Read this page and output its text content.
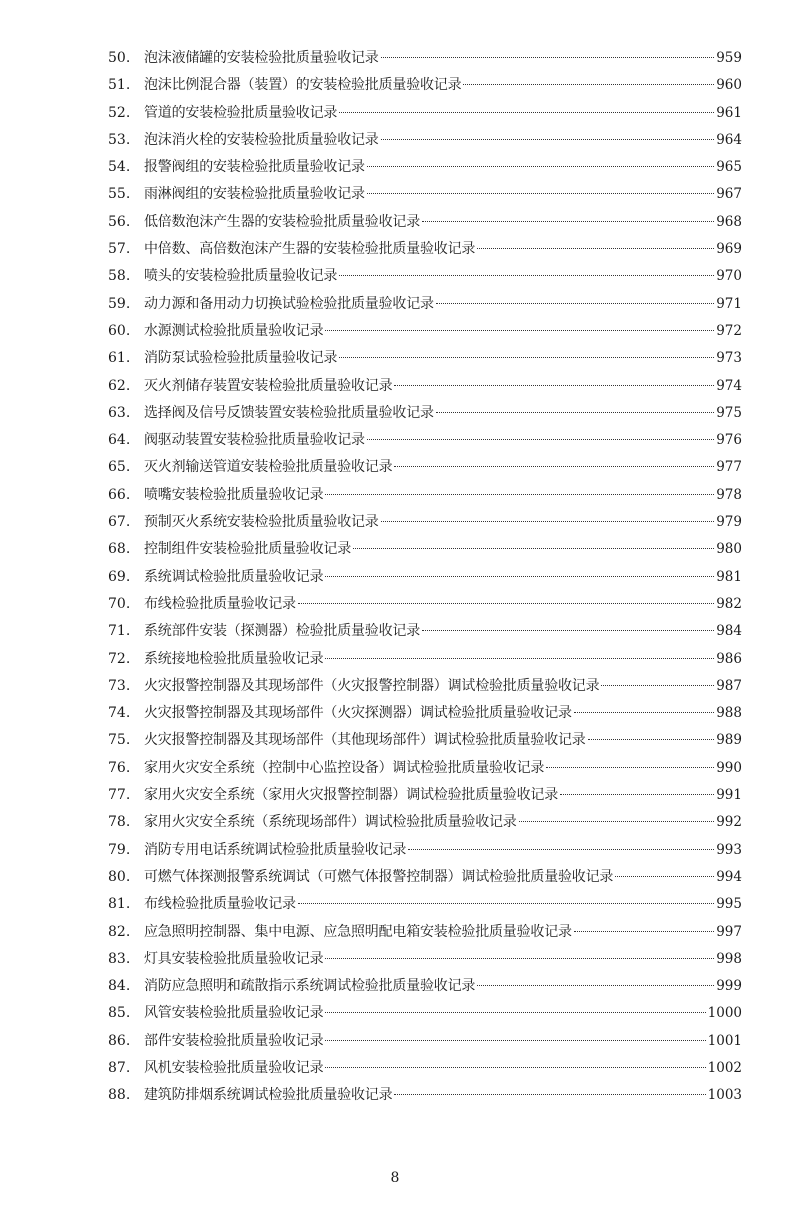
50. 泡沫液储罐的安装检验批质量验收记录	959
51. 泡沫比例混合器（装置）的安装检验批质量验收记录	960
52. 管道的安装检验批质量验收记录	961
53. 泡沫消火栓的安装检验批质量验收记录	964
54. 报警阀组的安装检验批质量验收记录	965
55. 雨淋阀组的安装检验批质量验收记录	967
56. 低倍数泡沫产生器的安装检验批质量验收记录	968
57. 中倍数、高倍数泡沫产生器的安装检验批质量验收记录	969
58. 喷头的安装检验批质量验收记录	970
59. 动力源和备用动力切换试验检验批质量验收记录	971
60. 水源测试检验批质量验收记录	972
61. 消防泵试验检验批质量验收记录	973
62. 灭火剂储存装置安装检验批质量验收记录	974
63. 选择阀及信号反馈装置安装检验批质量验收记录	975
64. 阀驱动装置安装检验批质量验收记录	976
65. 灭火剂输送管道安装检验批质量验收记录	977
66. 喷嘴安装检验批质量验收记录	978
67. 预制灭火系统安装检验批质量验收记录	979
68. 控制组件安装检验批质量验收记录	980
69. 系统调试检验批质量验收记录	981
70. 布线检验批质量验收记录	982
71. 系统部件安装（探测器）检验批质量验收记录	984
72. 系统接地检验批质量验收记录	986
73. 火灾报警控制器及其现场部件（火灾报警控制器）调试检验批质量验收记录	987
74. 火灾报警控制器及其现场部件（火灾探测器）调试检验批质量验收记录	988
75. 火灾报警控制器及其现场部件（其他现场部件）调试检验批质量验收记录	989
76. 家用火灾安全系统（控制中心监控设备）调试检验批质量验收记录	990
77. 家用火灾安全系统（家用火灾报警控制器）调试检验批质量验收记录	991
78. 家用火灾安全系统（系统现场部件）调试检验批质量验收记录	992
79. 消防专用电话系统调试检验批质量验收记录	993
80. 可燃气体探测报警系统调试（可燃气体报警控制器）调试检验批质量验收记录	994
81. 布线检验批质量验收记录	995
82. 应急照明控制器、集中电源、应急照明配电箱安装检验批质量验收记录	997
83. 灯具安装检验批质量验收记录	998
84. 消防应急照明和疏散指示系统调试检验批质量验收记录	999
85. 风管安装检验批质量验收记录	1000
86. 部件安装检验批质量验收记录	1001
87. 风机安装检验批质量验收记录	1002
88. 建筑防排烟系统调试检验批质量验收记录	1003
8
